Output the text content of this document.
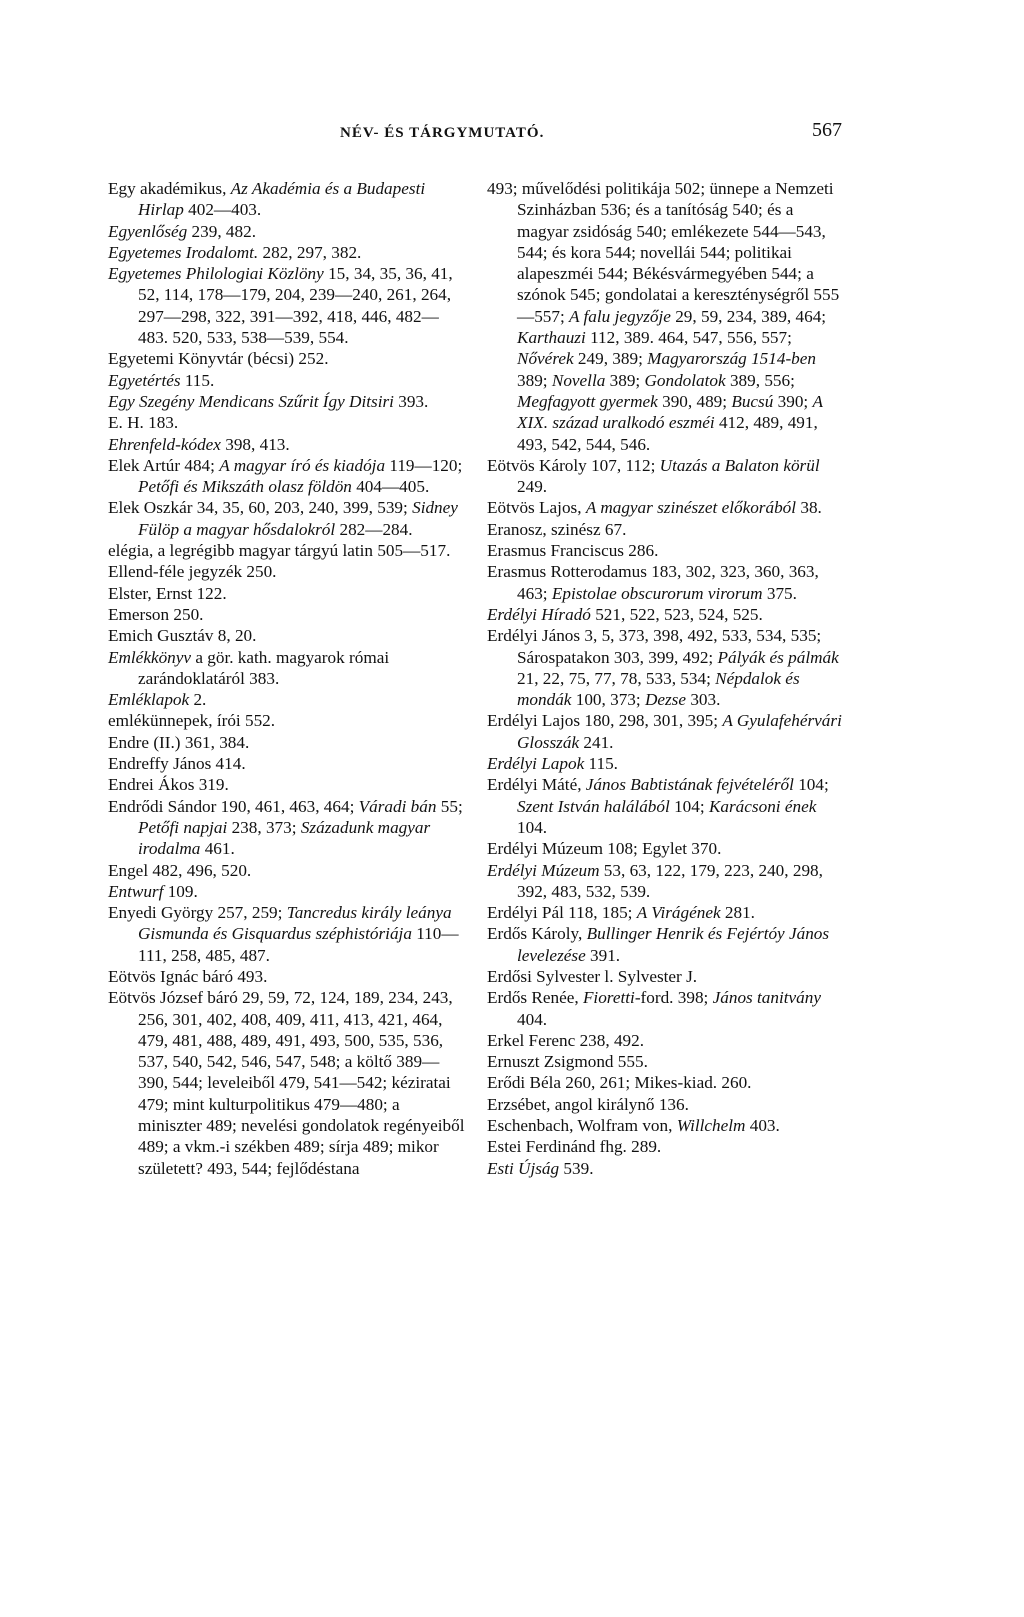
NÉV- ÉS TÁRGYMUTATÓ.	567

Egy akadémikus, Az Akadémia és a Budapesti Hirlap 402—403.

Egyenlőség 239, 482.

Egyetemes Irodalomt. 282, 297, 382.

Egyetemes Philologiai Közlöny 15, 34, 35, 36, 41, 52, 114, 178—179, 204, 239—240, 261, 264, 297—298, 322, 391—392, 418, 446, 482—483. 520, 533, 538—539, 554.

Egyetemi Könyvtár (bécsi) 252.

Egyetértés 115.

Egy Szegény Mendicans Szűrit Így Ditsiri 393.

E. H. 183.

Ehrenfeld-kódex 398, 413.

Elek Artúr 484; A magyar író és kiadója 119—120; Petőfi és Mikszáth olasz földön 404—405.

Elek Oszkár 34, 35, 60, 203, 240, 399, 539; Sidney Fülöp a magyar hősdalokról 282—284.

elégia, a legrégibb magyar tárgyú latin 505—517.

Ellend-féle jegyzék 250.

Elster, Ernst 122.

Emerson 250.

Emich Gusztáv 8, 20.

Emlékkönyv a gör. kath. magyarok római zarándoklatáról 383.

Emléklapok 2.

emlékünnepek, írói 552.

Endre (II.) 361, 384.

Endreffy János 414.

Endrei Ákos 319.

Endrődi Sándor 190, 461, 463, 464; Váradi bán 55; Petőfi napjai 238, 373; Századunk magyar irodalma 461.

Engel 482, 496, 520.

Entwurf 109.

Enyedi György 257, 259; Tancredus király leánya Gismunda és Gisquardus széphistóriája 110—111, 258, 485, 487.

Eötvös Ignác báró 493.

Eötvös József báró 29, 59, 72, 124, 189, 234, 243, 256, 301, 402, 408, 409, 411, 413, 421, 464, 479, 481, 488, 489, 491, 493, 500, 535, 536, 537, 540, 542, 546, 547, 548; a költő 389—390, 544; leveleiből 479, 541—542; kéziratai 479; mint kulturpolitikus 479—480; a miniszter 489; nevelési gondolatok regényeiből 489; a vkm.-i székben 489; sírja 489; mikor született? 493, 544; fejlődéstana

493; művelődési politikája 502; ünnepe a Nemzeti Szinházban 536; és a tanítóság 540; és a magyar zsidóság 540; emlékezete 544—543, 544; és kora 544; novellái 544; politikai alapeszméi 544; Békésvármegyében 544; a szónok 545; gondolatai a kereszténységről 555—557; A falu jegyzője 29, 59, 234, 389, 464; Karthauzi 112, 389. 464, 547, 556, 557; Nővérek 249, 389; Magyarország 1514-ben 389; Novella 389; Gondolatok 389, 556; Megfagyott gyermek 390, 489; Bucsú 390; A XIX. század uralkodó eszméi 412, 489, 491, 493, 542, 544, 546.

Eötvös Károly 107, 112; Utazás a Balaton körül 249.

Eötvös Lajos, A magyar szinészet előkorából 38.

Eranosz, szinész 67.

Erasmus Franciscus 286.

Erasmus Rotterodamus 183, 302, 323, 360, 363, 463; Epistolae obscurorum virorum 375.

Erdélyi Híradó 521, 522, 523, 524, 525.

Erdélyi János 3, 5, 373, 398, 492, 533, 534, 535; Sárospatakon 303, 399, 492; Pályák és pálmák 21, 22, 75, 77, 78, 533, 534; Népdalok és mondák 100, 373; Dezse 303.

Erdélyi Lajos 180, 298, 301, 395; A Gyulafehérvári Glosszák 241.

Erdélyi Lapok 115.

Erdélyi Máté, János Babtistának fejvételéről 104; Szent István halálából 104; Karácsoni ének 104.

Erdélyi Múzeum 108; Egylet 370.

Erdélyi Múzeum 53, 63, 122, 179, 223, 240, 298, 392, 483, 532, 539.

Erdélyi Pál 118, 185; A Virágének 281.

Erdős Károly, Bullinger Henrik és Fejértóy János levelezése 391.

Erdősi Sylvester l. Sylvester J.

Erdős Renée, Fioretti-ford. 398; János tanitvány 404.

Erkel Ferenc 238, 492.

Ernuszt Zsigmond 555.

Erődi Béla 260, 261; Mikes-kiad. 260.

Erzsébet, angol királynő 136.

Eschenbach, Wolfram von, Willchelm 403.

Estei Ferdinánd fhg. 289.

Esti Újság 539.
